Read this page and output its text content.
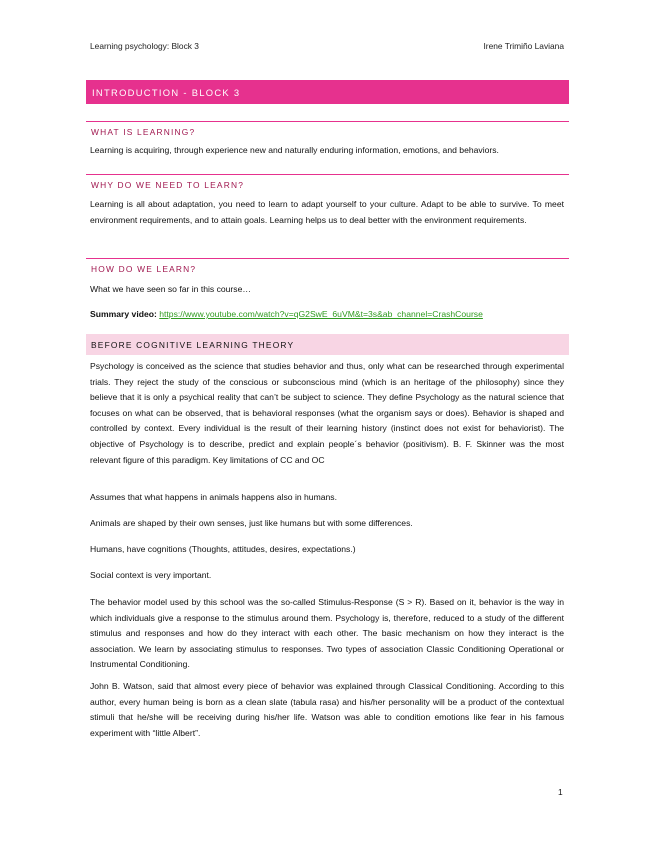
Learning psychology: Block 3	Irene Trimiño Laviana
INTRODUCTION - BLOCK 3
WHAT IS LEARNING?
Learning is acquiring, through experience new and naturally enduring information, emotions, and behaviors.
WHY DO WE NEED TO LEARN?
Learning is all about adaptation, you need to learn to adapt yourself to your culture. Adapt to be able to survive. To meet environment requirements, and to attain goals. Learning helps us to deal better with the environment requirements.
HOW DO WE LEARN?
What we have seen so far in this course…
Summary video: https://www.youtube.com/watch?v=qG2SwE_6uVM&t=3s&ab_channel=CrashCourse
BEFORE COGNITIVE LEARNING THEORY
Psychology is conceived as the science that studies behavior and thus, only what can be researched through experimental trials. They reject the study of the conscious or subconscious mind (which is an heritage of the philosophy) since they believe that it is only a psychical reality that can’t be subject to science. They define Psychology as the natural science that focuses on what can be observed, that is behavioral responses (what the organism says or does). Behavior is shaped and controlled by context. Every individual is the result of their learning history (instinct does not exist for behaviorist). The objective of Psychology is to describe, predict and explain people´s behavior (positivism). B. F. Skinner was the most relevant figure of this paradigm. Key limitations of CC and OC
Assumes that what happens in animals happens also in humans.
Animals are shaped by their own senses, just like humans but with some differences.
Humans, have cognitions (Thoughts, attitudes, desires, expectations.)
Social context is very important.
The behavior model used by this school was the so-called Stimulus-Response (S > R). Based on it, behavior is the way in which individuals give a response to the stimulus around them. Psychology is, therefore, reduced to a study of the different stimulus and responses and how do they interact with each other. The basic mechanism on how they interact is the association. We learn by associating stimulus to responses. Two types of association Classic Conditioning Operational or Instrumental Conditioning.
John B. Watson, said that almost every piece of behavior was explained through Classical Conditioning. According to this author, every human being is born as a clean slate (tabula rasa) and his/her personality will be a product of the contextual stimuli that he/she will be receiving during his/her life. Watson was able to condition emotions like fear in his famous experiment with “little Albert”.
1
